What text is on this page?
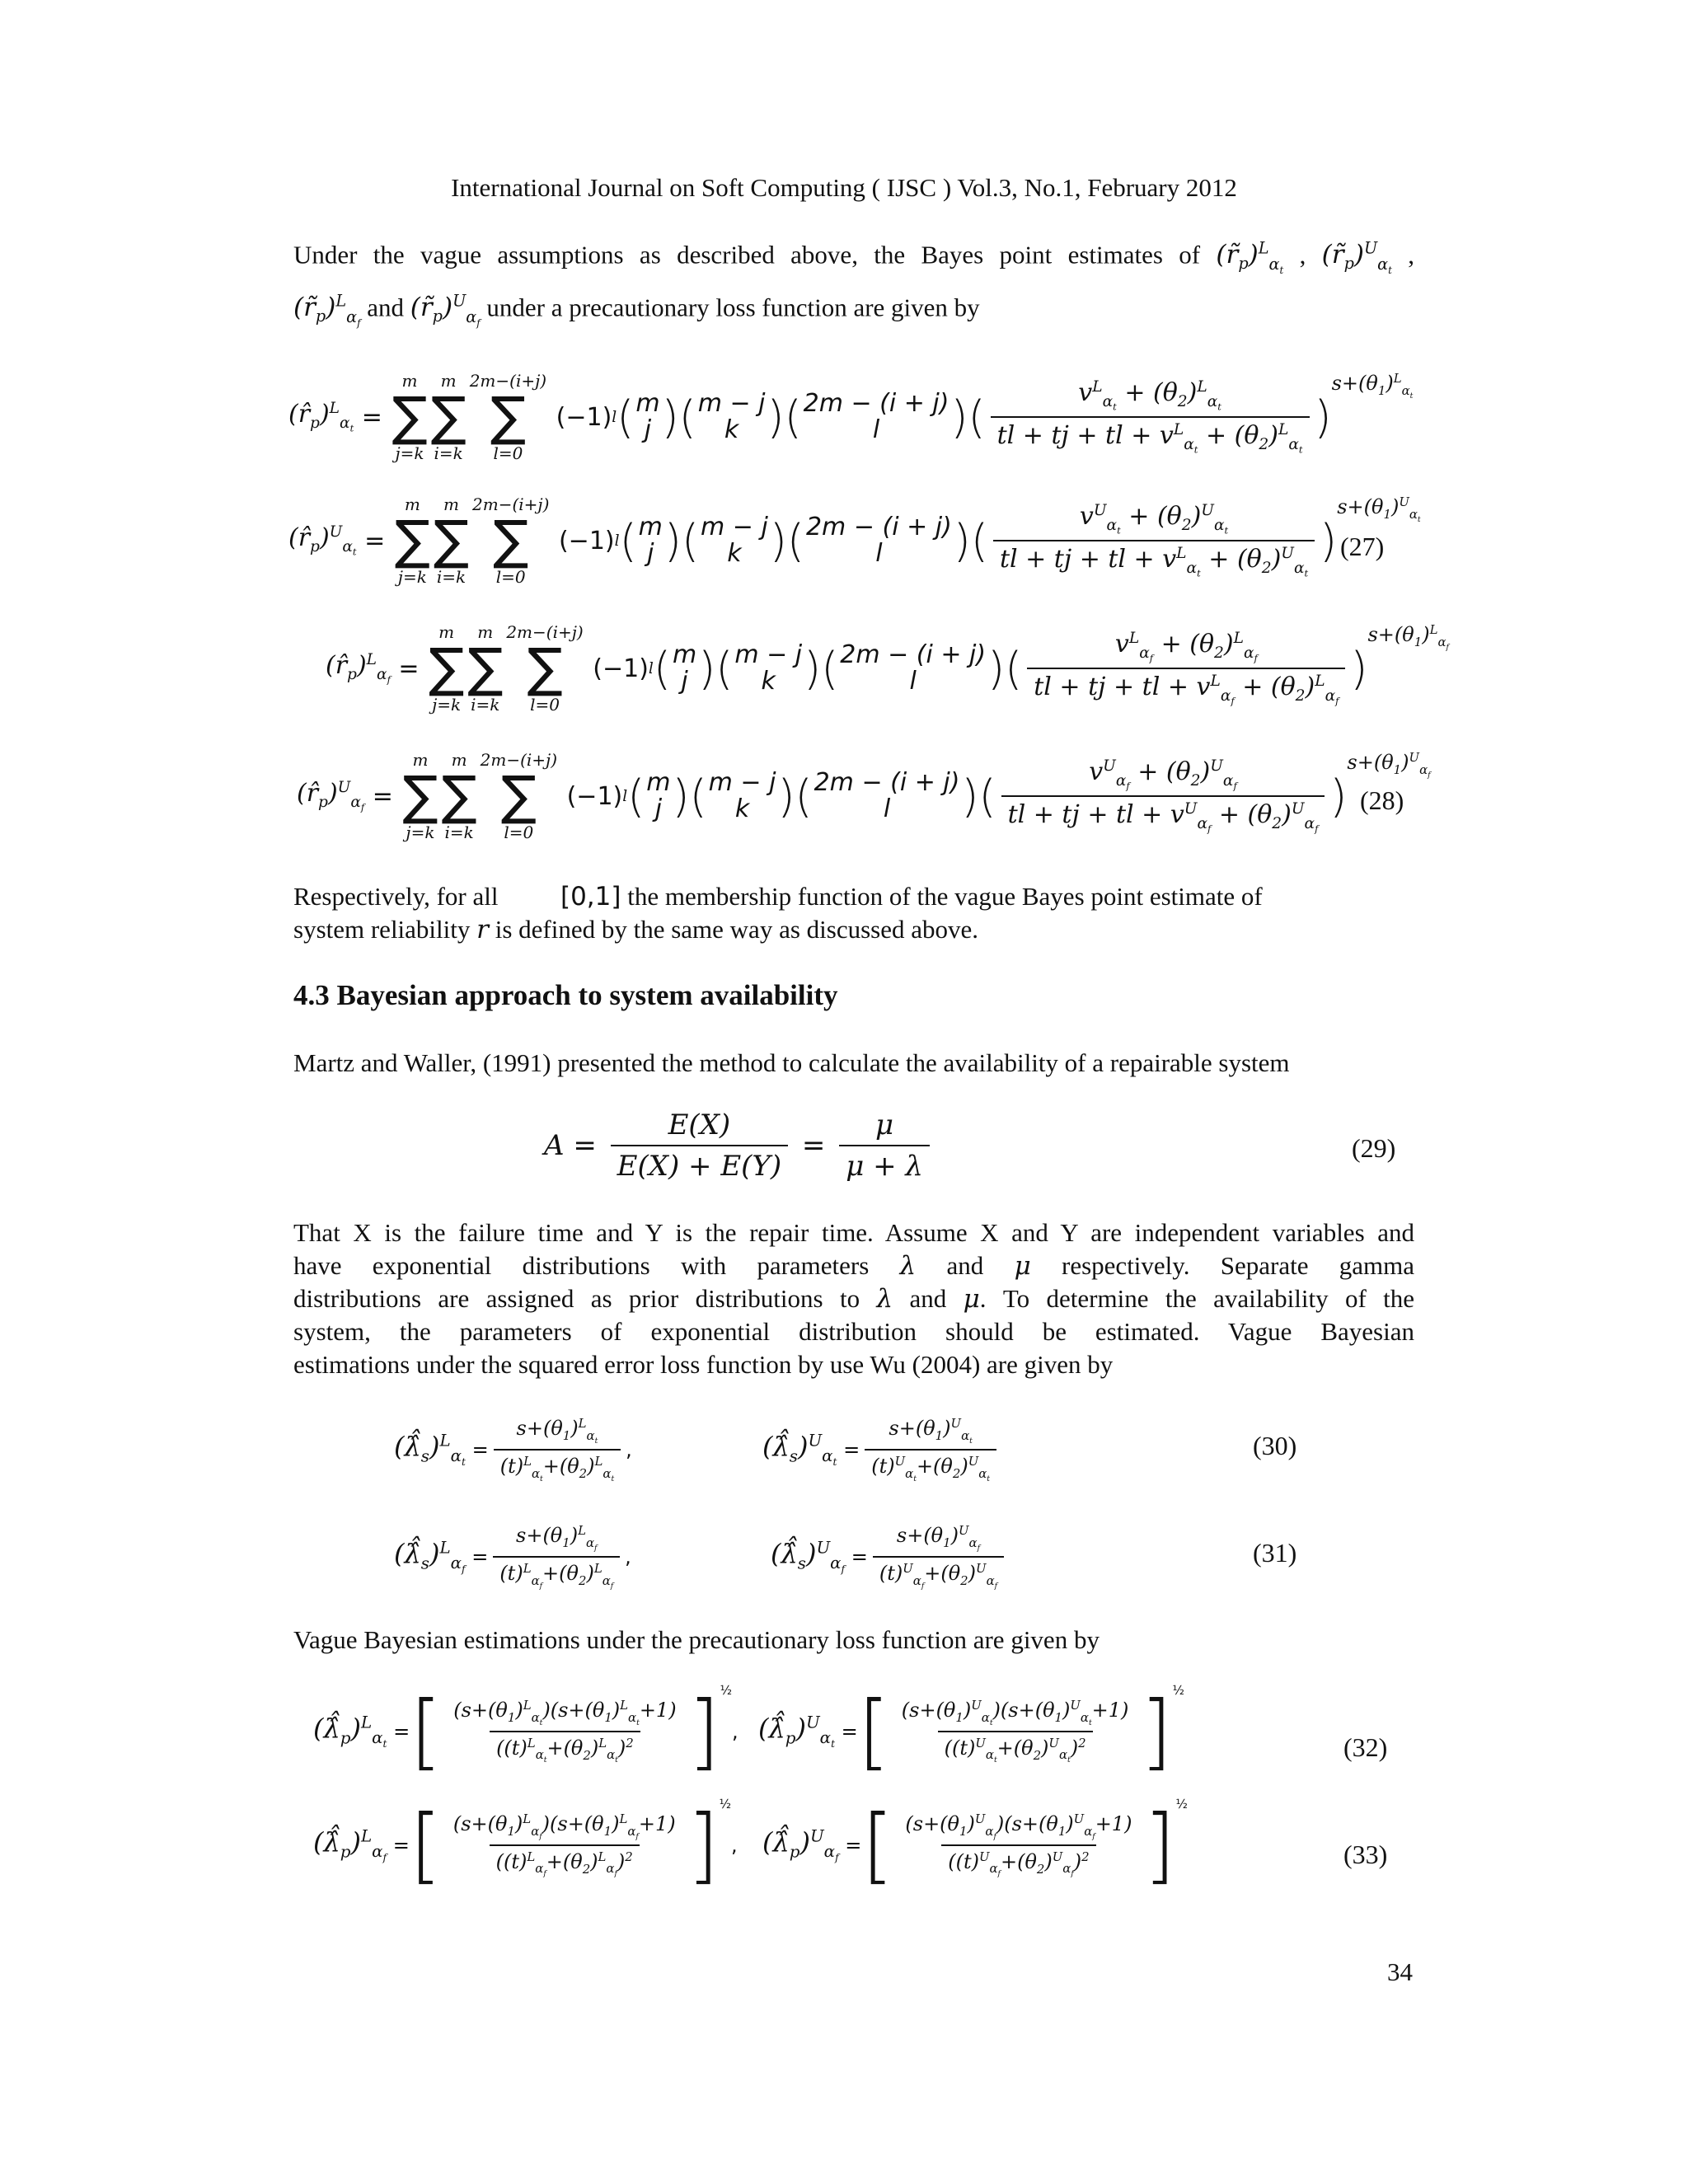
International Journal on Soft Computing ( IJSC ) Vol.3, No.1, February 2012
Under the vague assumptions as described above, the Bayes point estimates of $(r̃_p)^L_{\alpha_t}$ , $(r̃_p)^U_{\alpha_t}$ ,
$(r̃_p)^L_{\alpha_f}$ and $(r̃_p)^U_{\alpha_f}$ under a precautionary loss function are given by
$(r̂_p)^L_{\alpha_t}$ =
m
∑
j=k
m
∑
i=k
2m−(i+j)
∑
l=0
(−1) l ( m
j ) ( m − j
k ) ( 2m − (i + j)
l ) ( $\frac{v^L_{\alpha_t} + (\theta_2)^L_{\alpha_t}}{tl + tj + tl + v^L_{\alpha_t} + (\theta_2)^L_{\alpha_t}}$ )
$^{s+(\theta_1)^L_{\alpha_t}}$
$(r̂_p)^U_{\alpha_t}$ =
m
∑
j=k
m
∑
i=k
2m−(i+j)
∑
l=0
(−1) l ( m
j ) ( m − j
k ) ( 2m − (i + j)
l ) ( $\frac{v^U_{\alpha_t} + (\theta_2)^U_{\alpha_t}}{tl + tj + tl + v^L_{\alpha_t} + (\theta_2)^U_{\alpha_t}}$ )
$^{s+(\theta_1)^U_{\alpha_t}}$
(27)
$(r̂_p)^L_{\alpha_f}$ =
m
∑
j=k
m
∑
i=k
2m−(i+j)
∑
l=0
(−1) l ( m
j ) ( m − j
k ) ( 2m − (i + j)
l ) ( $\frac{v^L_{\alpha_f} + (\theta_2)^L_{\alpha_f}}{tl + tj + tl + v^L_{\alpha_f} + (\theta_2)^L_{\alpha_f}}$ )
$^{s+(\theta_1)^L_{\alpha_f}}$
$(r̂_p)^U_{\alpha_f}$ =
m
∑
j=k
m
∑
i=k
2m−(i+j)
∑
l=0
(−1) l ( m
j ) ( m − j
k ) ( 2m − (i + j)
l ) ( $\frac{v^U_{\alpha_f} + (\theta_2)^U_{\alpha_f}}{tl + tj + tl + v^U_{\alpha_f} + (\theta_2)^U_{\alpha_f}}$ )
$^{s+(\theta_1)^U_{\alpha_f}}$
(28)
Respectively, for all [0,1] the membership function of the vague Bayes point estimate of
system reliability r is defined by the same way as discussed above.
4.3 Bayesian approach to system availability
Martz and Waller, (1991) presented the method to calculate the availability of a repairable system
$A = \frac{E(X)}{E(X) + E(Y)} = \frac{\mu}{\mu + \lambda}$	(29)
That X is the failure time and Y is the repair time. Assume X and Y are independent variables and
have exponential distributions with parameters λ and μ respectively. Separate gamma
distributions are assigned as prior distributions to λ and μ. To determine the availability of the
system, the parameters of exponential distribution should be estimated. Vague Bayesian
estimations under the squared error loss function by use Wu (2004) are given by
$(\lambdâ̂_s)^L_{\alpha_t}$
= $\frac{s+(\theta_1)^L_{\alpha_t}}{(t)^L_{\alpha_t}+(\theta_2)^L_{\alpha_t}}$ ,	$(\lambdâ̂_s)^U_{\alpha_t}$
= $\frac{s+(\theta_1)^U_{\alpha_t}}{(t)^U_{\alpha_t}+(\theta_2)^U_{\alpha_t}}$	(30)
$(\lambdâ̂_s)^L_{\alpha_f}$
= $\frac{s+(\theta_1)^L_{\alpha_f}}{(t)^L_{\alpha_f}+(\theta_2)^L_{\alpha_f}}$ ,	$(\lambdâ̂_s)^U_{\alpha_f}$
= $\frac{s+(\theta_1)^U_{\alpha_f}}{(t)^U_{\alpha_f}+(\theta_2)^U_{\alpha_f}}$	(31)
Vague Bayesian estimations under the precautionary loss function are given by
$(\lambdâ̂_p)^L_{\alpha_t}$
= [ $\frac{(s+(\theta_1)^L_{\alpha_t})(s+(\theta_1)^L_{\alpha_t}+1)}{((t)^L_{\alpha_t}+(\theta_2)^L_{\alpha_t})^2} ]^{\frac{1}{2}}$
, $(\lambdâ̂_p)^U_{\alpha_t}$
= [ $\frac{(s+(\theta_1)^U_{\alpha_t})(s+(\theta_1)^U_{\alpha_t}+1)}{((t)^U_{\alpha_t}+(\theta_2)^U_{\alpha_t})^2} ]^{\frac{1}{2}}$
(32)
$(\lambdâ̂_p)^L_{\alpha_f}$
= [ $\frac{(s+(\theta_1)^L_{\alpha_f})(s+(\theta_1)^L_{\alpha_f}+1)}{((t)^L_{\alpha_f}+(\theta_2)^L_{\alpha_f})^2} ]^{\frac{1}{2}}$
, $(\lambdâ̂_p)^U_{\alpha_f}$
= [ $\frac{(s+(\theta_1)^U_{\alpha_f})(s+(\theta_1)^U_{\alpha_f}+1)}{((t)^U_{\alpha_f}+(\theta_2)^U_{\alpha_f})^2} ]^{\frac{1}{2}}$
(33)
34
